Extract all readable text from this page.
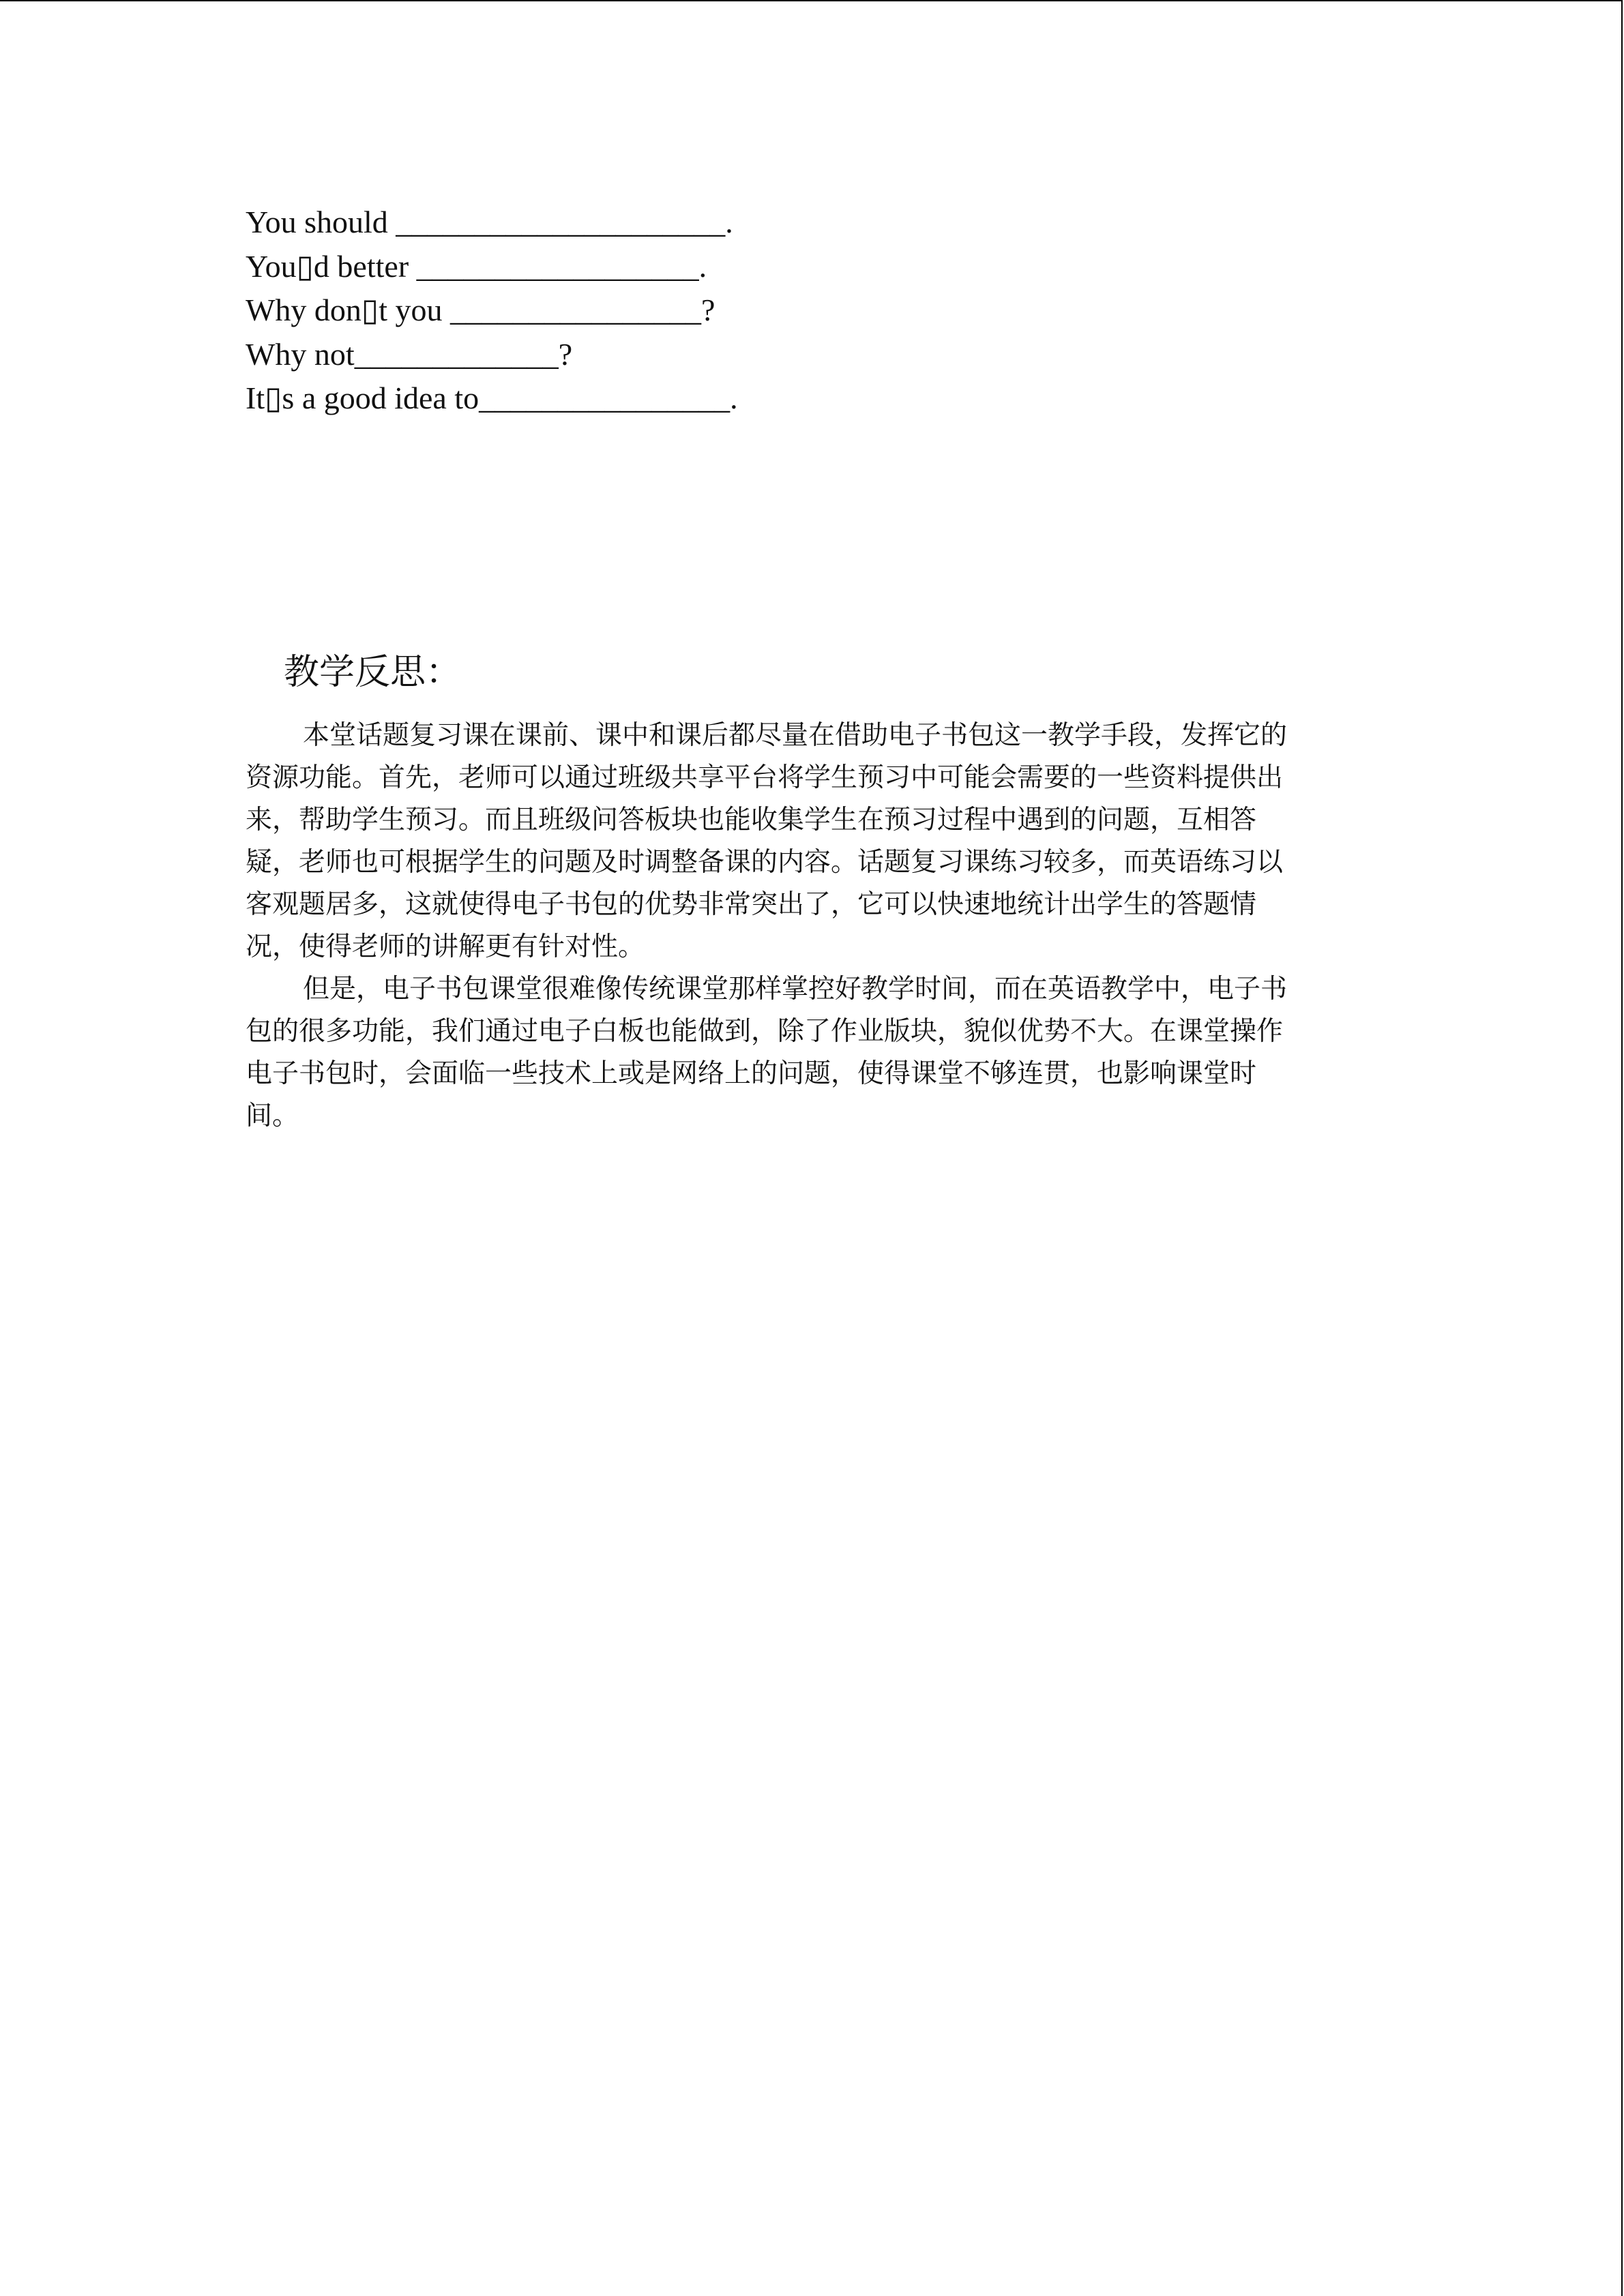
You should _____________________.
You▯d better __________________.
Why don▯t you ________________?
Why not_____________?
It▯s a good idea to________________.
教学反思：
本堂话题复习课在课前、课中和课后都尽量在借助电子书包这一教学手段，发挥它的
资源功能。首先，老师可以通过班级共享平台将学生预习中可能会需要的一些资料提供出
来，帮助学生预习。而且班级问答板块也能收集学生在预习过程中遇到的问题，互相答
疑，老师也可根据学生的问题及时调整备课的内容。话题复习课练习较多，而英语练习以
客观题居多，这就使得电子书包的优势非常突出了，它可以快速地统计出学生的答题情
况，使得老师的讲解更有针对性。
但是，电子书包课堂很难像传统课堂那样掌控好教学时间，而在英语教学中，电子书
包的很多功能，我们通过电子白板也能做到，除了作业版块，貌似优势不大。在课堂操作
电子书包时，会面临一些技术上或是网络上的问题，使得课堂不够连贯，也影响课堂时
间。
